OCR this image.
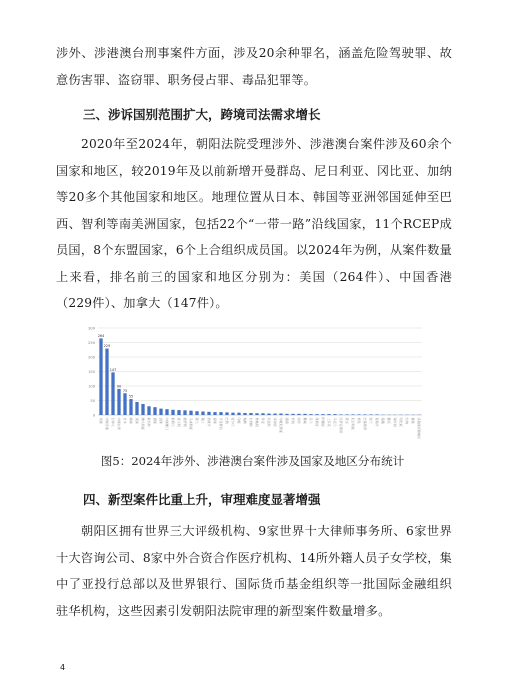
涉外、涉港澳台刑事案件方面，涉及20余种罪名，涵盖危险驾驶罪、故意伤害罪、盗窃罪、职务侵占罪、毒品犯罪等。
三、涉诉国别范围扩大，跨境司法需求增长
2020年至2024年，朝阳法院受理涉外、涉港澳台案件涉及60余个国家和地区，较2019年及以前新增开曼群岛、尼日利亚、冈比亚、加纳等20多个其他国家和地区。地理位置从日本、韩国等亚洲邻国延伸至巴西、智利等南美洲国家，包括22个“一带一路”沿线国家，11个RCEP成员国，8个东盟国家，6个上合组织成员国。以2024年为例，从案件数量上来看，排名前三的国家和地区分别为：美国（264件）、中国香港（229件）、加拿大（147件）。
0
50
100
150
200
250
300
264
229
147
90
75
55
美国 中国香港 加拿大 中国台湾 日本 韩国 英国 澳大利亚 新加坡 德国 法国 中国澳门 新西兰 意大利 俄罗斯 马来西亚 荷兰 瑞士 西班牙 泰国 开曼群岛 巴西 爱尔兰 印度 瑞典 比利时 奥地利 丹麦 以色列 菲律宾 印度尼西亚 越南 智利 南非 挪威 芬兰 墨西哥 阿根廷 土耳其 乌克兰 哈萨克斯坦 蒙古 尼日利亚 埃及 巴基斯坦 波兰 葡萄牙 希腊 捷克 匈牙利 冈比亚 加纳 秘鲁 其他国家和地区
图5：2024年涉外、涉港澳台案件涉及国家及地区分布统计
四、新型案件比重上升，审理难度显著增强
朝阳区拥有世界三大评级机构、9家世界十大律师事务所、6家世界十大咨询公司、8家中外合资合作医疗机构、14所外籍人员子女学校，集中了亚投行总部以及世界银行、国际货币基金组织等一批国际金融组织驻华机构，这些因素引发朝阳法院审理的新型案件数量增多。
4
